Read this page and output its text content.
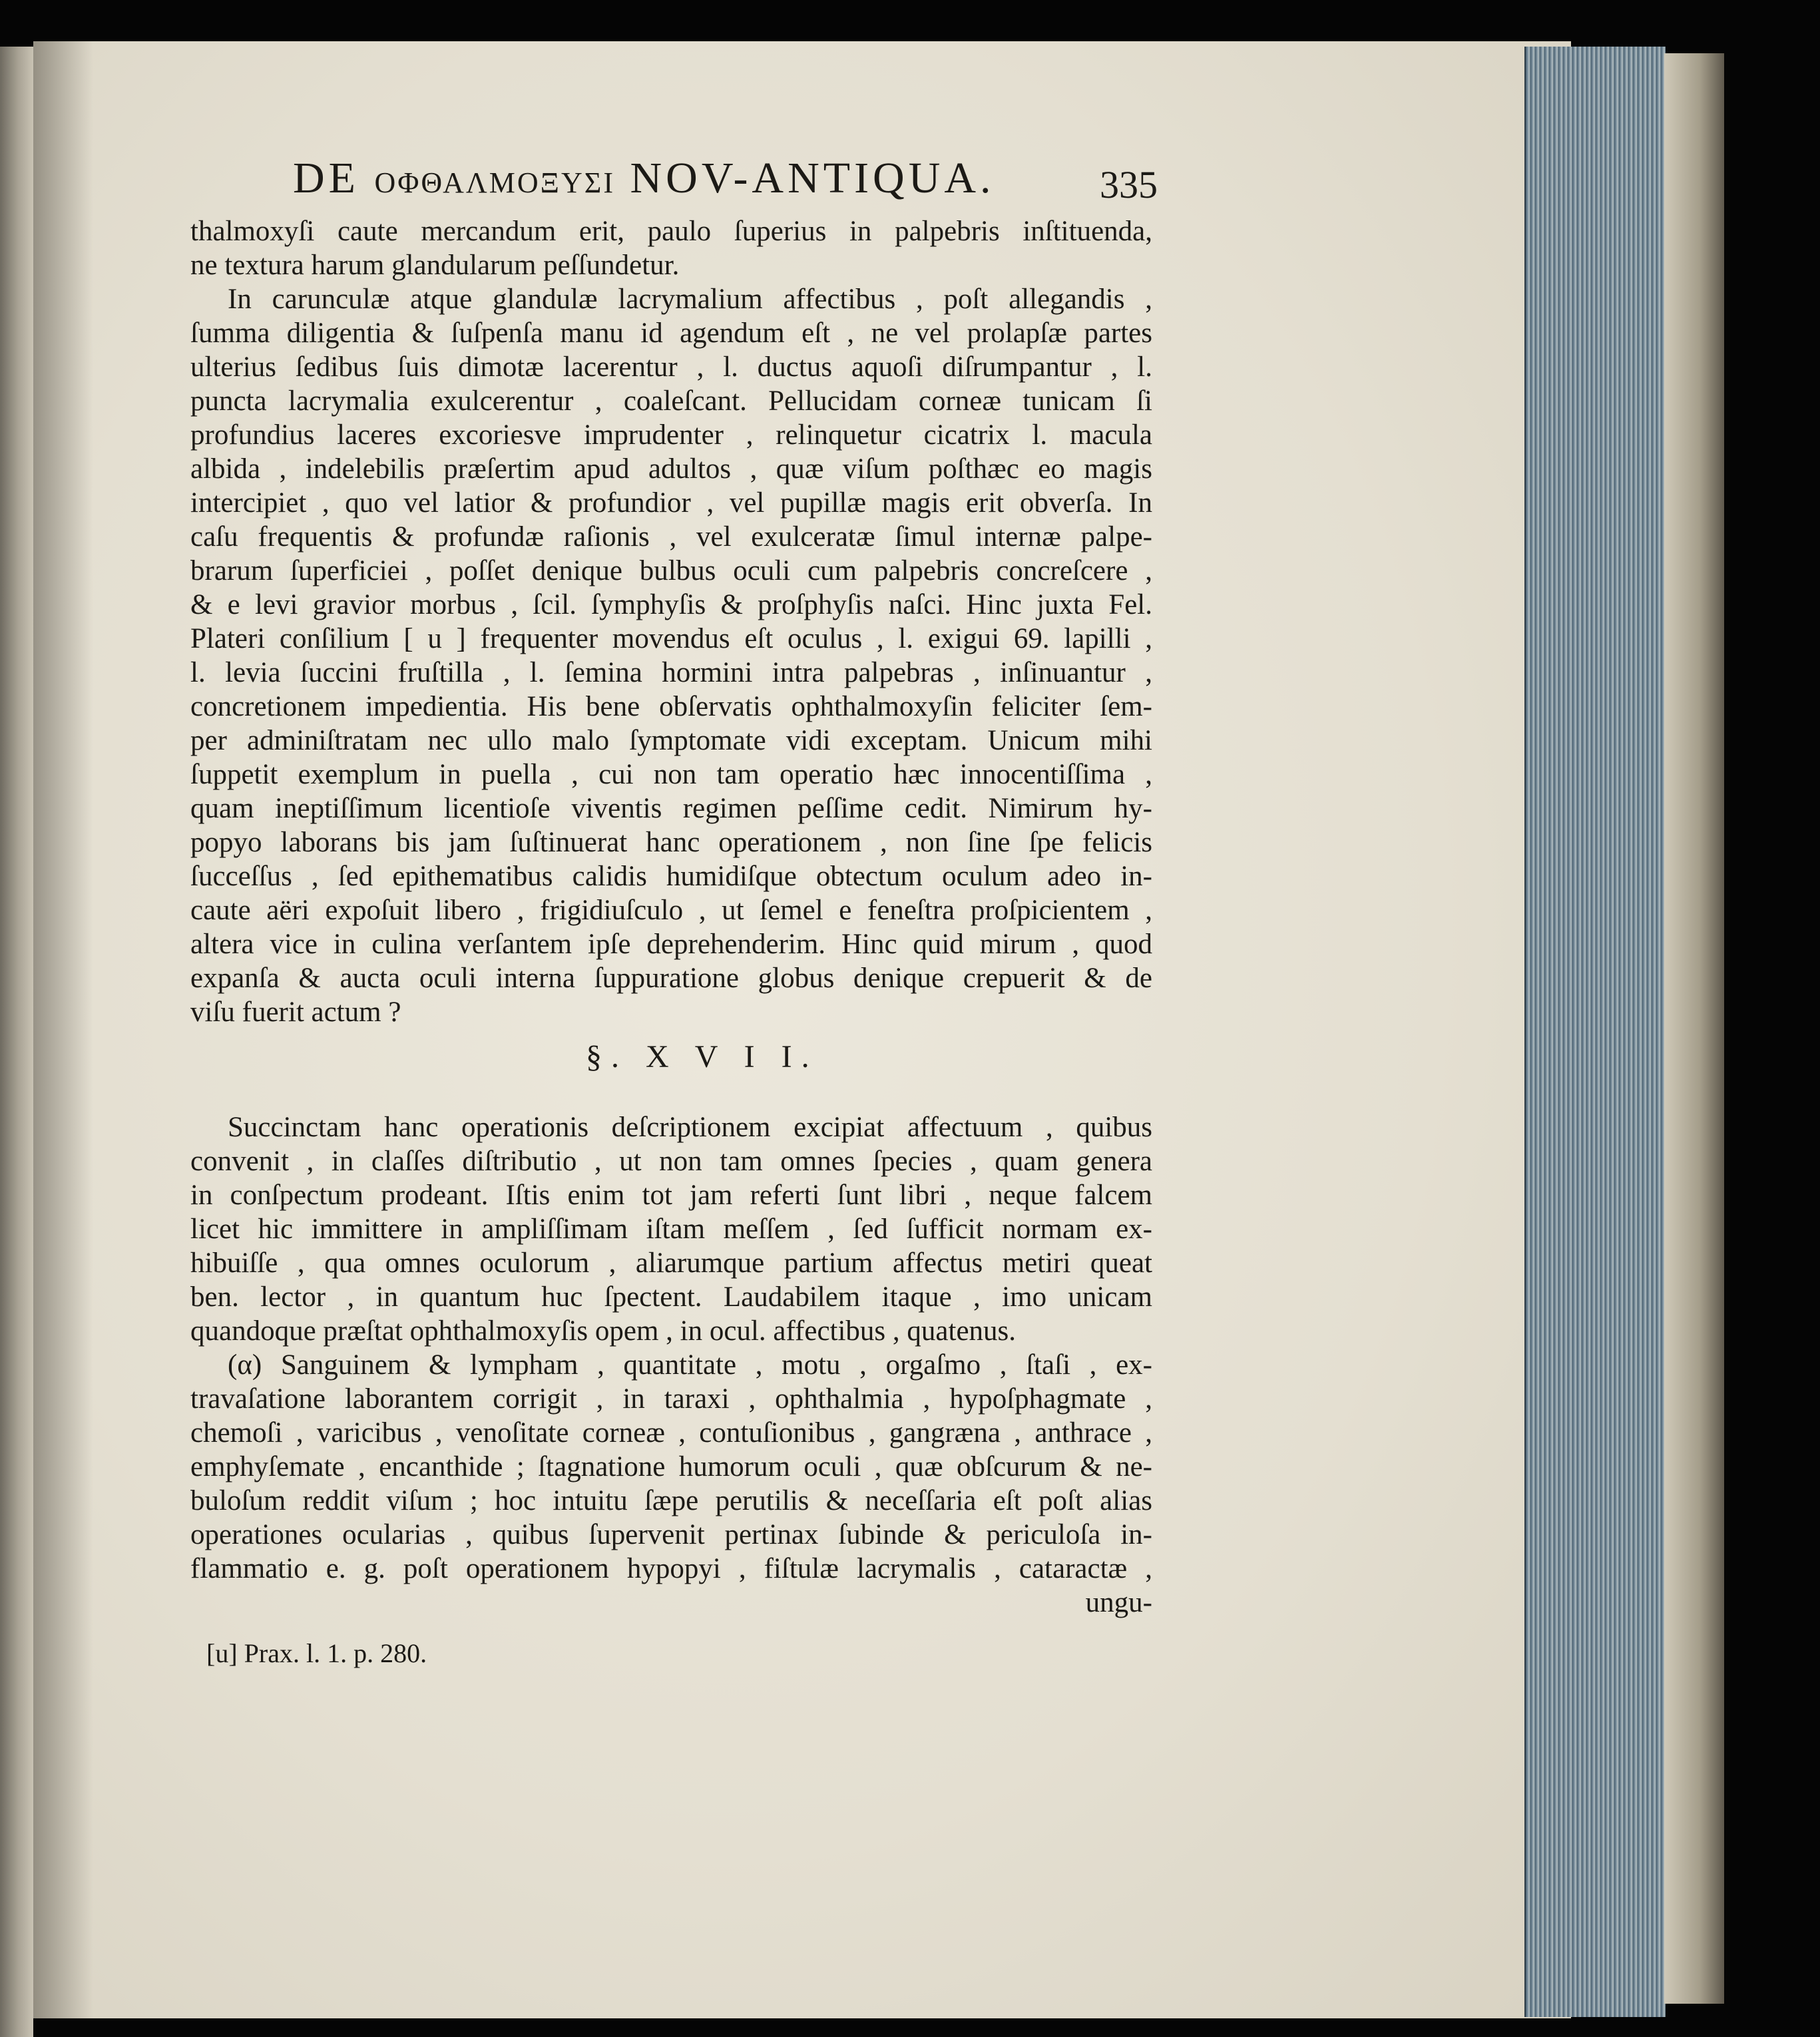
DE ΟΦΘΑΛΜΟΞΥΣΙ NOV-ANTIQUA.	335
thalmoxyſi caute mercandum erit, paulo ſuperius in palpebris inſtituenda,
ne textura harum glandularum peſſundetur.
In carunculæ atque glandulæ lacrymalium affectibus , poſt allegandis ,
ſumma diligentia & ſuſpenſa manu id agendum eſt , ne vel prolapſæ partes
ulterius ſedibus ſuis dimotæ lacerentur , l. ductus aquoſi diſrumpantur , l.
puncta lacrymalia exulcerentur , coaleſcant. Pellucidam corneæ tunicam ſi
profundius laceres excoriesve imprudenter , relinquetur cicatrix l. macula
albida , indelebilis præſertim apud adultos , quæ viſum poſthæc eo magis
intercipiet , quo vel latior & profundior , vel pupillæ magis erit obverſa. In
caſu frequentis & profundæ raſionis , vel exulceratæ ſimul internæ palpe-
brarum ſuperficiei , poſſet denique bulbus oculi cum palpebris concreſcere ,
& e levi gravior morbus , ſcil. ſymphyſis & proſphyſis naſci. Hinc juxta Fel.
Plateri conſilium [ u ] frequenter movendus eſt oculus , l. exigui 69. lapilli ,
l. levia ſuccini fruſtilla , l. ſemina hormini intra palpebras , inſinuantur ,
concretionem impedientia. His bene obſervatis ophthalmoxyſin feliciter ſem-
per adminiſtratam nec ullo malo ſymptomate vidi exceptam. Unicum mihi
ſuppetit exemplum in puella , cui non tam operatio hæc innocentiſſima ,
quam ineptiſſimum licentioſe viventis regimen peſſime cedit. Nimirum hy-
popyo laborans bis jam ſuſtinuerat hanc operationem , non ſine ſpe felicis
ſucceſſus , ſed epithematibus calidis humidiſque obtectum oculum adeo in-
caute aëri expoſuit libero , frigidiuſculo , ut ſemel e feneſtra proſpicientem ,
altera vice in culina verſantem ipſe deprehenderim. Hinc quid mirum , quod
expanſa & aucta oculi interna ſuppuratione globus denique crepuerit & de
viſu fuerit actum ?
§. X V I I.
Succinctam hanc operationis deſcriptionem excipiat affectuum , quibus
convenit , in claſſes diſtributio , ut non tam omnes ſpecies , quam genera
in conſpectum prodeant. Iſtis enim tot jam referti ſunt libri , neque falcem
licet hic immittere in ampliſſimam iſtam meſſem , ſed ſufficit normam ex-
hibuiſſe , qua omnes oculorum , aliarumque partium affectus metiri queat
ben. lector , in quantum huc ſpectent. Laudabilem itaque , imo unicam
quandoque præſtat ophthalmoxyſis opem , in ocul. affectibus , quatenus.
(α) Sanguinem & lympham , quantitate , motu , orgaſmo , ſtaſi , ex-
travaſatione laborantem corrigit , in taraxi , ophthalmia , hypoſphagmate ,
chemoſi , varicibus , venoſitate corneæ , contuſionibus , gangræna , anthrace ,
emphyſemate , encanthide ; ſtagnatione humorum oculi , quæ obſcurum & ne-
buloſum reddit viſum ; hoc intuitu ſæpe perutilis & neceſſaria eſt poſt alias
operationes ocularias , quibus ſupervenit pertinax ſubinde & periculoſa in-
flammatio e. g. poſt operationem hypopyi , fiſtulæ lacrymalis , cataractæ ,
ungu-
[u] Prax. l. 1. p. 280.
